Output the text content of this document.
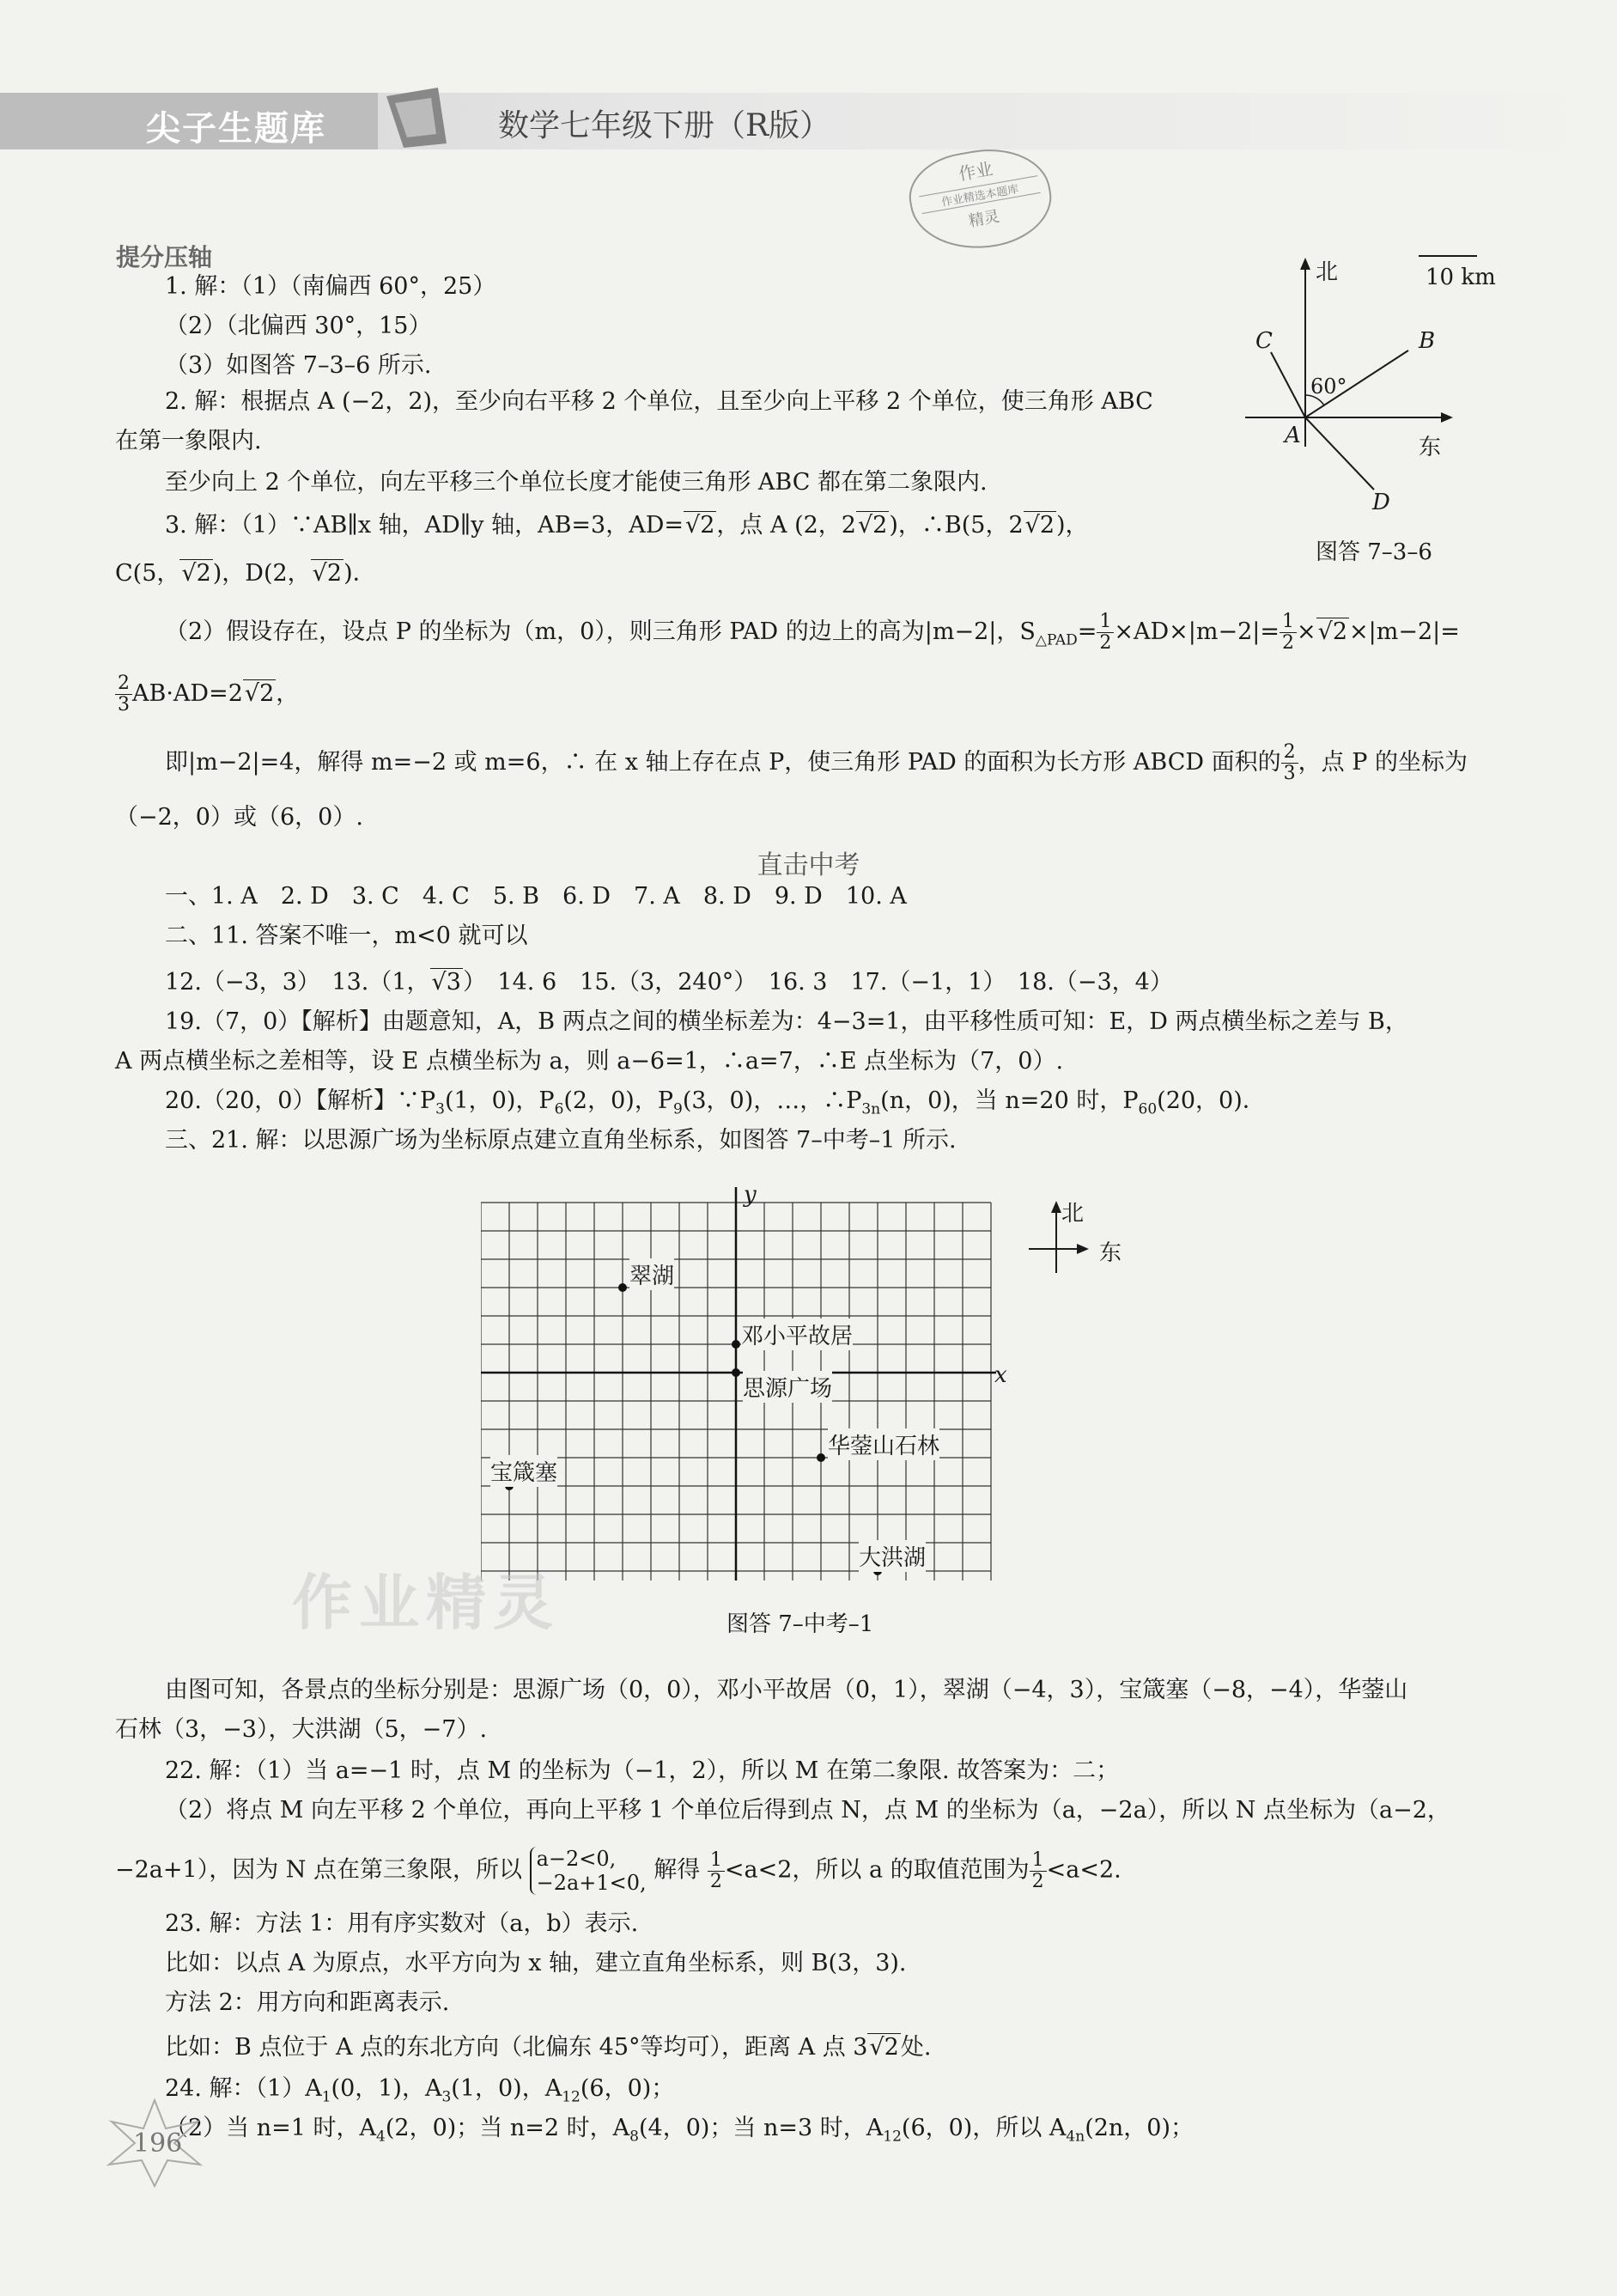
尖子生题库	数学七年级下册（R版）
作业
作业精选本题库
精灵
提分压轴
1. 解：（1）（南偏西 60°，25）
（2）（北偏西 30°，15）
（3）如图答 7–3–6 所示.
2. 解：根据点 A (−2，2)，至少向右平移 2 个单位，且至少向上平移 2 个单位，使三角形 ABC
在第一象限内.
至少向上 2 个单位，向左平移三个单位长度才能使三角形 ABC 都在第二象限内.
3. 解：（1）∵AB∥x 轴，AD∥y 轴，AB=3，AD=√2，点 A (2，2√2)，∴B(5，2√2)，
C(5，√2)，D(2，√2)．
（2）假设存在，设点 P 的坐标为（m，0），则三角形 PAD 的边上的高为|m−2|，$S_{\triangle PAD}= \frac{1}{2} \times AD\times|m-2|= \frac{1}{2} \times√2\times|m-2|=$
$\frac{2}{3} AB\cdot AD=2√2$，
即|m−2|=4，解得 m=−2 或 m=6，∴ 在 x 轴上存在点 P，使三角形 PAD 的面积为长方形 ABCD 面积的 $\frac{2}{3}$ ，点 P 的坐标为
（−2，0）或（6，0）.
北	10 km
东
60°
A
B
C
D
图答 7–3–6
直击中考
一、1. A　2. D　3. C　4. C　5. B　6. D　7. A　8. D　9. D　10. A
二、11. 答案不唯一，m<0 就可以
12.（−3，3）　13.（1，√3）　14. 6　15.（3，240°）　16. 3　17.（−1，1）　18.（−3，4）
19.（7，0）【解析】由题意知，A，B 两点之间的横坐标差为：4−3=1，由平移性质可知：E，D 两点横坐标之差与 B，
A 两点横坐标之差相等，设 E 点横坐标为 a，则 a−6=1，∴a=7，∴E 点坐标为（7，0）.
20.（20，0）【解析】$\because P_3(1$，0)，$P_6(2$，0)，$P_9(3$，0)，…，$\therefore P_{3n}(n$，0)，当 n=20 时，$P_{60}(20$，0)．
三、21. 解：以思源广场为坐标原点建立直角坐标系，如图答 7–中考–1 所示.
y
x
北
东
思源广场
邓小平故居
翠湖
宝箴塞
华蓥山石林
大洪湖
图答 7–中考–1
作业精灵
由图可知，各景点的坐标分别是：思源广场（0，0），邓小平故居（0，1），翠湖（−4，3），宝箴塞（−8，−4），华蓥山
石林（3，−3），大洪湖（5，−7）.
22. 解：（1）当 a=−1 时，点 M 的坐标为（−1，2），所以 M 在第二象限. 故答案为：二；
（2）将点 M 向左平移 2 个单位，再向上平移 1 个单位后得到点 N，点 M 的坐标为（a，−2a），所以 N 点坐标为（a−2，
−2a+1），因为 N 点在第三象限，所以 a−2<0,
−2a+1<0, 解得 $\frac{1}{2} <a<2$，所以 a 的取值范围为 $\frac{1}{2} <a<2$.
23. 解：方法 1：用有序实数对（a，b）表示.
比如：以点 A 为原点，水平方向为 x 轴，建立直角坐标系，则 B(3，3).
方法 2：用方向和距离表示.
比如：B 点位于 A 点的东北方向（北偏东 45°等均可），距离 A 点 3√2处.
24. 解：$(1)A_1(0$，1)，$A_3(1$，0)，$A_{12}(6$，0)；
（2）当 n=1 时，$A_4(2$，0)；当 n=2 时，$A_8(4$，0)；当 n=3 时，$A_{12}(6$，0)，所以 $A_{4n}(2n$，0)；
196
